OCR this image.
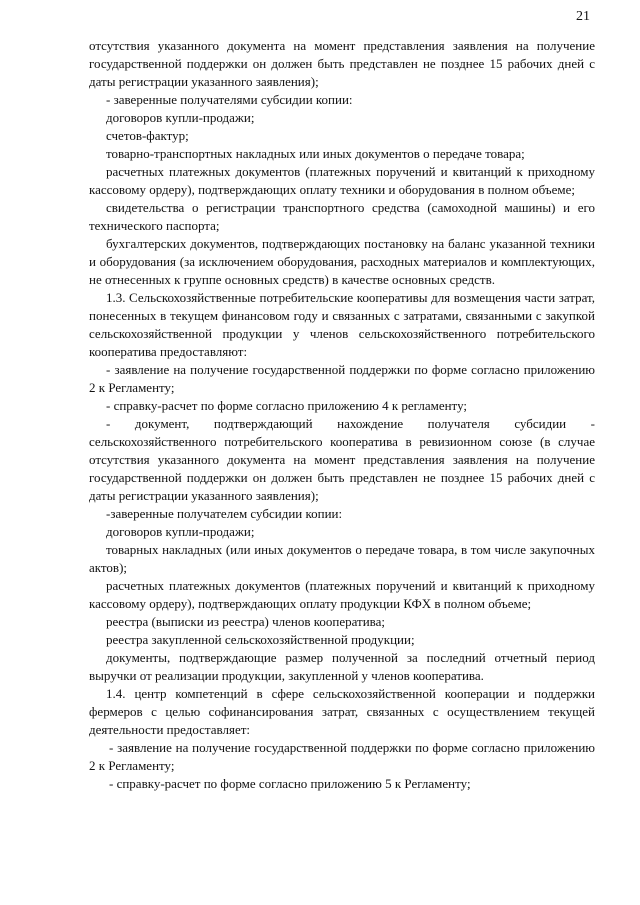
21

отсутствия указанного документа на момент представления заявления на получение государственной поддержки он должен быть представлен не позднее 15 рабочих дней с даты регистрации указанного заявления);

- заверенные получателями субсидии копии:

договоров купли-продажи;

счетов-фактур;

товарно-транспортных накладных или иных документов о передаче товара;

расчетных платежных документов (платежных поручений и квитанций к приходному кассовому ордеру), подтверждающих оплату техники и оборудования в полном объеме;

свидетельства о регистрации транспортного средства (самоходной машины) и его технического паспорта;

бухгалтерских документов, подтверждающих постановку на баланс указанной техники и оборудования (за исключением оборудования, расходных материалов и комплектующих, не отнесенных к группе основных средств) в качестве основных средств.

1.3. Сельскохозяйственные потребительские кооперативы для возмещения части затрат, понесенных в текущем финансовом году и связанных с затратами, связанными с закупкой сельскохозяйственной продукции у членов сельскохозяйственного потребительского кооператива предоставляют:

- заявление на получение государственной поддержки по форме согласно приложению 2 к Регламенту;

- справку-расчет по форме согласно приложению 4 к регламенту;

- документ, подтверждающий нахождение получателя субсидии - сельскохозяйственного потребительского кооператива в ревизионном союзе (в случае отсутствия указанного документа на момент представления заявления на получение государственной поддержки он должен быть представлен не позднее 15 рабочих дней с даты регистрации указанного заявления);

-заверенные получателем субсидии копии:

договоров купли-продажи;

товарных накладных (или иных документов о передаче товара, в том числе закупочных актов);

расчетных платежных документов (платежных поручений и квитанций к приходному кассовому ордеру), подтверждающих оплату продукции КФХ в полном объеме;

реестра (выписки из реестра) членов кооператива;

реестра закупленной сельскохозяйственной продукции;

документы, подтверждающие размер полученной за последний отчетный период выручки от реализации продукции, закупленной у членов кооператива.

1.4. центр компетенций в сфере сельскохозяйственной кооперации и поддержки фермеров с целью софинансирования затрат, связанных с осуществлением текущей деятельности предоставляет:

- заявление на получение государственной поддержки по форме согласно приложению 2 к Регламенту;

- справку-расчет по форме согласно приложению 5 к Регламенту;
